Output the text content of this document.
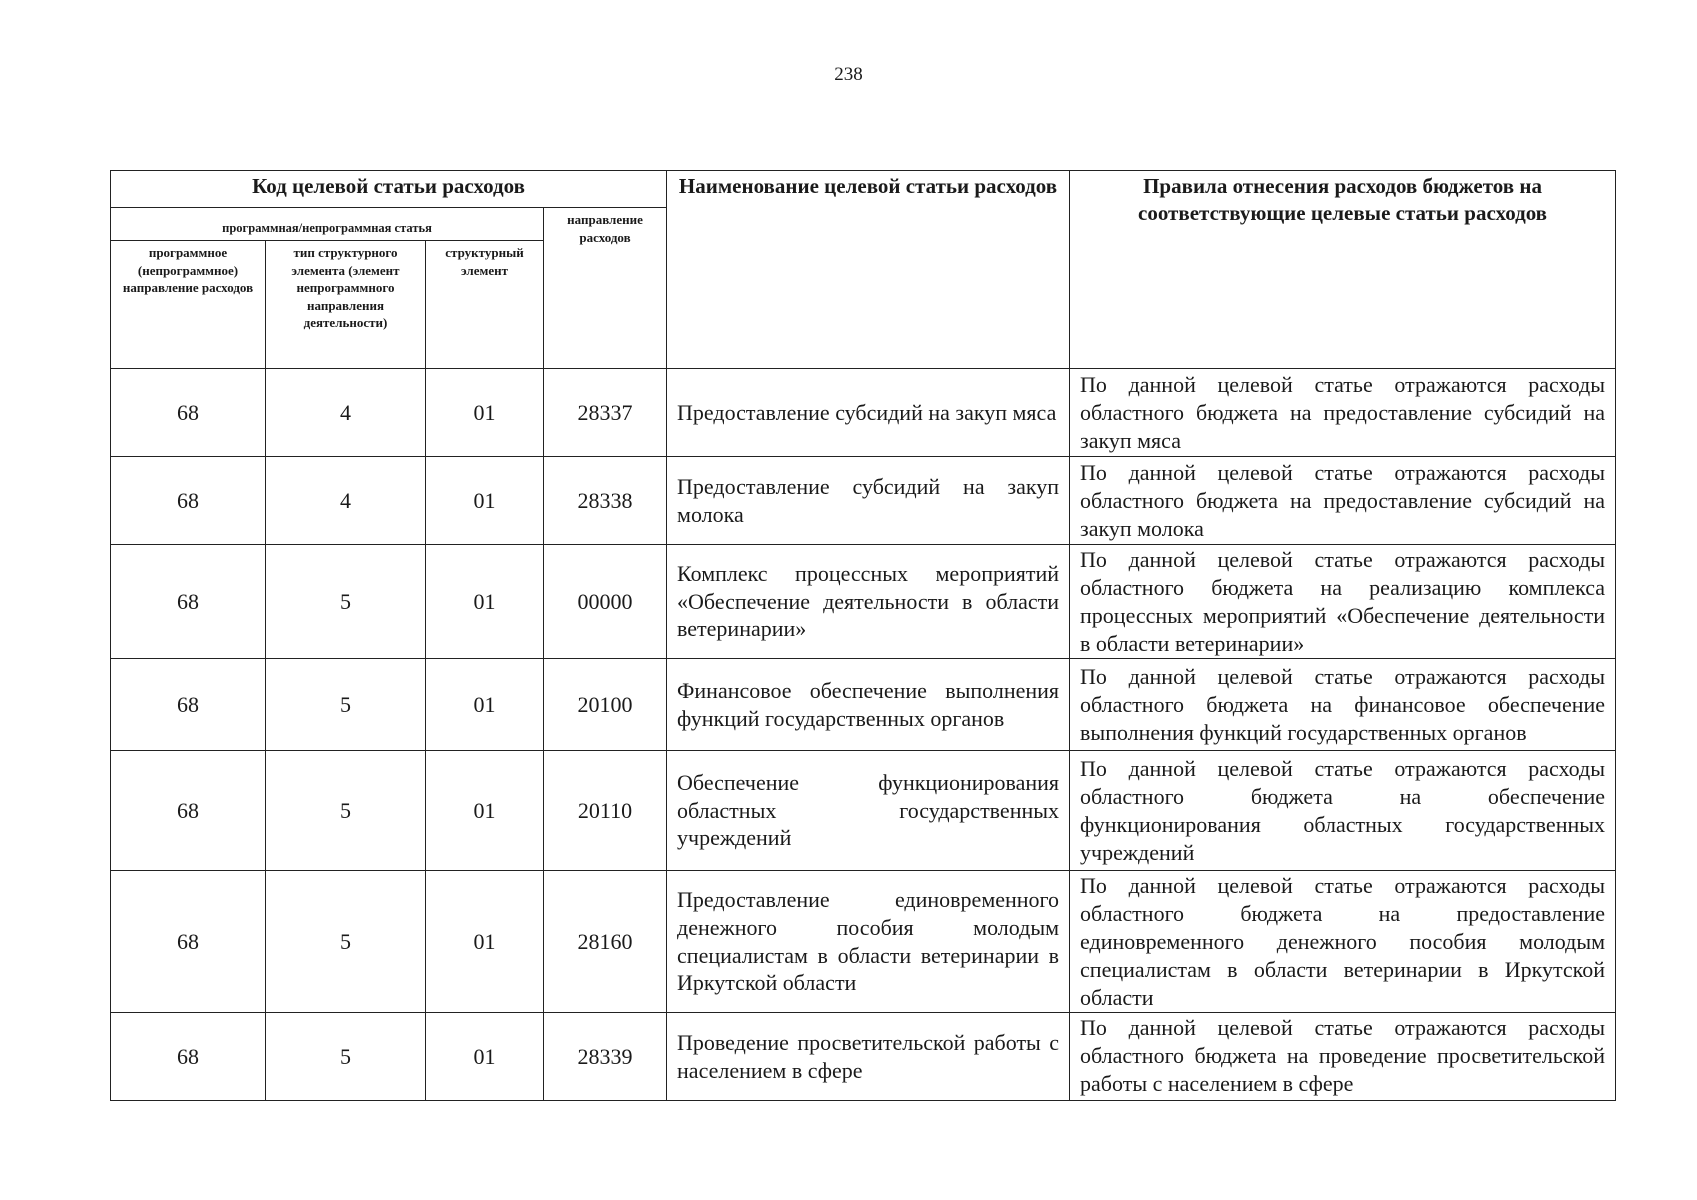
238
Код целевой статьи расходов				Наименование целевой статьи расходов	Правила отнесения расходов бюджетов на соответствующие целевые статьи расходов
программная/непрограммная статья			направление расходов		
программное (непрограммное) направление расходов	тип структурного элемента (элемент непрограммного направления деятельности)	структурный элемент			
68	4	01	28337	Предоставление субсидий на закуп мяса	По данной целевой статье отражаются расходы областного бюджета на предоставление субсидий на закуп мяса
68	4	01	28338	Предоставление субсидий на закуп молока	По данной целевой статье отражаются расходы областного бюджета на предоставление субсидий на закуп молока
68	5	01	00000	Комплекс процессных мероприятий «Обеспечение деятельности в области ветеринарии»	По данной целевой статье отражаются расходы областного бюджета на реализацию комплекса процессных мероприятий «Обеспечение деятельности в области ветеринарии»
68	5	01	20100	Финансовое обеспечение выполнения функций государственных органов	По данной целевой статье отражаются расходы областного бюджета на финансовое обеспечение выполнения функций государственных органов
68	5	01	20110	Обеспечение функционирования областных государственных учреждений	По данной целевой статье отражаются расходы областного бюджета на обеспечение функционирования областных государственных учреждений
68	5	01	28160	Предоставление единовременного денежного пособия молодым специалистам в области ветеринарии в Иркутской области	По данной целевой статье отражаются расходы областного бюджета на предоставление единовременного денежного пособия молодым специалистам в области ветеринарии в Иркутской области
68	5	01	28339	Проведение просветительской работы с населением в сфере	По данной целевой статье отражаются расходы областного бюджета на проведение просветительской работы с населением в сфере
